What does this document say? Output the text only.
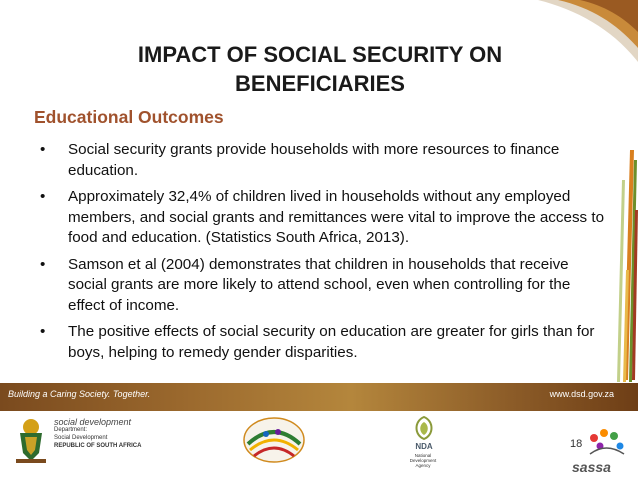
IMPACT OF SOCIAL SECURITY ON BENEFICIARIES
Educational Outcomes
• Social security grants provide households with more resources to finance education.
• Approximately 32,4% of children lived in households without any employed members, and social grants and remittances were vital to improve the access to food and education. (Statistics South Africa, 2013).
• Samson et al (2004) demonstrates that children in households that receive social grants are more likely to attend school, even when controlling for the effect of income.
• The positive effects of social security on education are greater for girls than for boys, helping to remedy gender disparities.
Building a Caring Society. Together.	www.dsd.gov.za
social development
Department:
Social Development
REPUBLIC OF SOUTH AFRICA	NDA
National Development Agency
18
sassa
